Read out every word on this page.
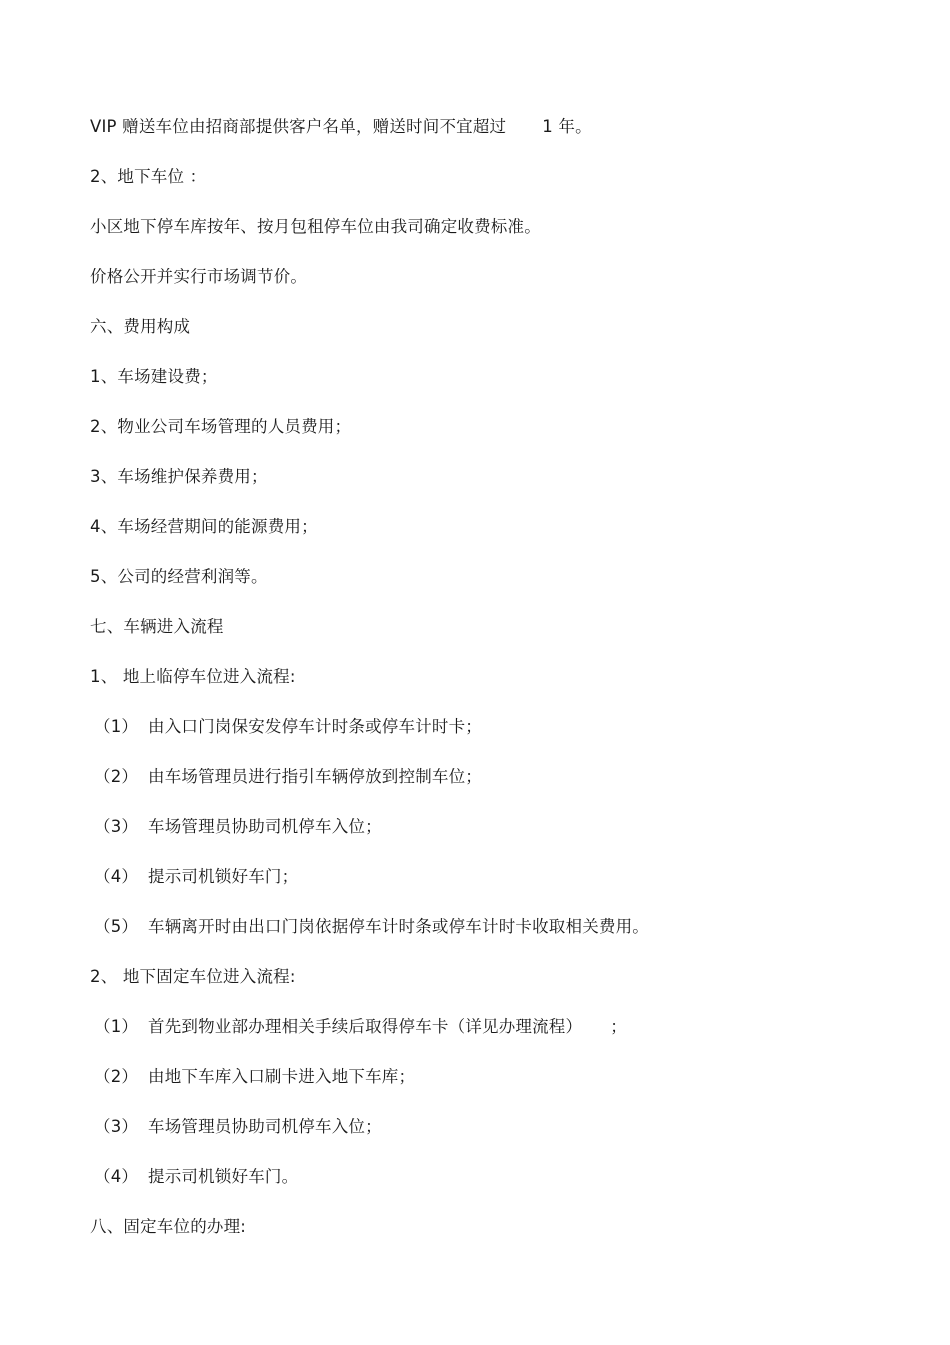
VIP 赠送车位由招商部提供客户名单，赠送时间不宜超过 1 年。
2、地下车位 ：
小区地下停车库按年、按月包租停车位由我司确定收费标准。
价格公开并实行市场调节价。
六、费用构成
1、车场建设费；
2、物业公司车场管理的人员费用；
3、车场维护保养费用；
4、车场经营期间的能源费用；
5、公司的经营利润等。
七、车辆进入流程
1、 地上临停车位进入流程:
（1） 由入口门岗保安发停车计时条或停车计时卡；
（2） 由车场管理员进行指引车辆停放到控制车位；
（3） 车场管理员协助司机停车入位；
（4） 提示司机锁好车门；
（5） 车辆离开时由出口门岗依据停车计时条或停车计时卡收取相关费用。
2、 地下固定车位进入流程:
（1） 首先到物业部办理相关手续后取得停车卡（详见办理流程） ；
（2） 由地下车库入口刷卡进入地下车库；
（3） 车场管理员协助司机停车入位；
（4） 提示司机锁好车门。
八、固定车位的办理:
